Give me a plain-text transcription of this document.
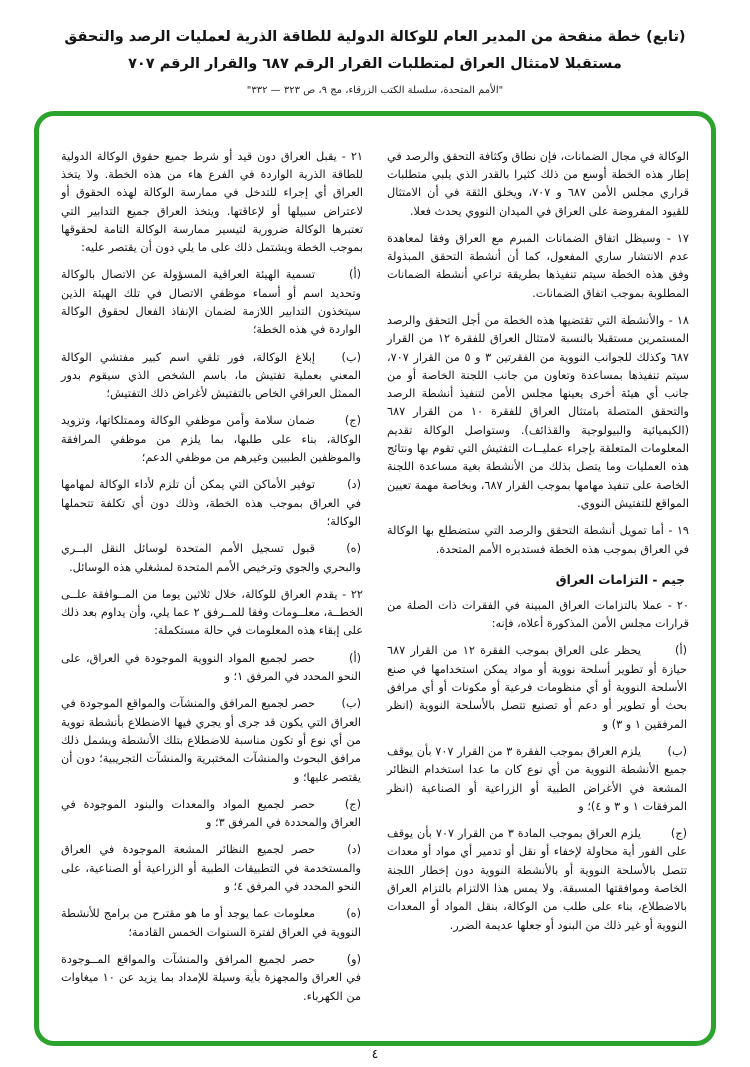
(تابع) خطة منقحة من المدير العام للوكالة الدولية للطاقة الذرية لعمليات الرصد والتحقق
مستقبلا لامتثال العراق لمتطلبات القرار الرقم ٦٨٧ والقرار الرقم ٧٠٧
"الأمم المتحدة، سلسلة الكتب الزرقاء، مج ٩، ص ٣٢٣ — ٣٣٢"

الوكالة في مجال الضمانات، فإن نطاق وكثافة التحقق والرصد في إطار هذه الخطة أوسع من ذلك كثيرا بالقدر الذي يلبي متطلبات قراري مجلس الأمن ٦٨٧ و ٧٠٧، ويخلق الثقة في أن الامتثال للقيود المفروضة على العراق في الميدان النووي يحدث فعلا.

١٧ - وسيظل اتفاق الضمانات المبرم مع العراق وفقا لمعاهدة عدم الانتشار ساري المفعول، كما أن أنشطة التحقق المبذولة وفق هذه الخطة سيتم تنفيذها بطريقة تراعي أنشطة الضمانات المطلوبة بموجب اتفاق الضمانات.

١٨ - والأنشطة التي تقتضيها هذه الخطة من أجل التحقق والرصد المستمرين مستقبلا بالنسبة لامتثال العراق للفقرة ١٢ من القرار ٦٨٧ وكذلك للجوانب النووية من الفقرتين ٣ و ٥ من القرار ٧٠٧، سيتم تنفيذها بمساعدة وتعاون من جانب اللجنة الخاصة أو من جانب أي هيئة أخرى يعينها مجلس الأمن لتنفيذ أنشطة الرصد والتحقق المتصلة بامتثال العراق للفقرة ١٠ من القرار ٦٨٧ (الكيميائية والبيولوجية والقذائف). وستواصل الوكالة تقديم المعلومات المتعلقة بإجراء عمليــات التفتيش التي تقوم بها ونتائج هذه العمليات وما يتصل بذلك من الأنشطة بغية مساعدة اللجنة الخاصة على تنفيذ مهامها بموجب القرار ٦٨٧، وبخاصة مهمة تعيين المواقع للتفتيش النووي.

١٩ - أما تمويل أنشطة التحقق والرصد التي ستضطلع بها الوكالة في العراق بموجب هذه الخطة فستدبره الأمم المتحدة.

جيم - التزامات العراق

٢٠ - عملا بالتزامات العراق المبينة في الفقرات ذات الصلة من قرارات مجلس الأمن المذكورة أعلاه، فإنه:

(أ)يحظر على العراق بموجب الفقرة ١٢ من القرار ٦٨٧ حيازة أو تطوير أسلحة نووية أو مواد يمكن استخدامها في صنع الأسلحة النووية أو أي منظومات فرعية أو مكونات أو أي مرافق بحث أو تطوير أو دعم أو تصنيع تتصل بالأسلحة النووية (انظر المرفقين ١ و ٣) و

(ب)يلزم العراق بموجب الفقرة ٣ من القرار ٧٠٧ بأن يوقف جميع الأنشطة النووية من أي نوع كان ما عدا استخدام النظائر المشعة في الأغراض الطبية أو الزراعية أو الصناعية (انظر المرفقات ١ و ٣ و ٤)؛ و

(ج)يلزم العراق بموجب المادة ٣ من القرار ٧٠٧ بأن يوقف على الفور أية محاولة لإخفاء أو نقل أو تدمير أي مواد أو معدات تتصل بالأسلحة النووية أو بالأنشطة النووية دون إخطار اللجنة الخاصة وموافقتها المسبقة. ولا يمس هذا الالتزام بالتزام العراق بالاضطلاع، بناء على طلب من الوكالة، بنقل المواد أو المعدات النووية أو غير ذلك من البنود أو جعلها عديمة الضرر.

٢١ - يقبل العراق دون قيد أو شرط جميع حقوق الوكالة الدولية للطاقة الذرية الواردة في الفرع هاء من هذه الخطة. ولا يتخذ العراق أي إجراء للتدخل في ممارسة الوكالة لهذه الحقوق أو لاعتراض سبيلها أو لإعاقتها. ويتخذ العراق جميع التدابير التي تعتبرها الوكالة ضرورية لتيسير ممارسة الوكالة التامة لحقوقها بموجب الخطة ويشتمل ذلك على ما يلي دون أن يقتصر عليه:

(أ)تسمية الهيئة العراقية المسؤولة عن الاتصال بالوكالة وتحديد اسم أو أسماء موظفي الاتصال في تلك الهيئة الذين سيتخذون التدابير اللازمة لضمان الإنفاذ الفعال لحقوق الوكالة الواردة في هذه الخطة؛

(ب)إبلاغ الوكالة، فور تلقي اسم كبير مفتشي الوكالة المعني بعملية تفتيش ما، باسم الشخص الذي سيقوم بدور الممثل العراقي الخاص بالتفتيش لأغراض ذلك التفتيش؛

(ج)ضمان سلامة وأمن موظفي الوكالة وممتلكاتها، وتزويد الوكالة، بناء على طلبها، بما يلزم من موظفي المرافقة والموظفين الطبيين وغيرهم من موظفي الدعم؛

(د)توفير الأماكن التي يمكن أن تلزم لأداء الوكالة لمهامها في العراق بموجب هذه الخطة، وذلك دون أي تكلفة تتحملها الوكالة؛

(ه)قبول تسجيل الأمم المتحدة لوسائل النقل البــري والبحري والجوي وترخيص الأمم المتحدة لمشغلي هذه الوسائل.

٢٢ - يقدم العراق للوكالة، خلال ثلاثين يوما من المــوافقة علــى الخطــة، معلــومات وفقا للمــرفق ٢ عما يلي، وأن يداوم بعد ذلك على إبقاء هذه المعلومات في حالة مستكملة:

(أ)حصر لجميع المواد النووية الموجودة في العراق، على النحو المحدد في المرفق ١؛ و

(ب)حصر لجميع المرافق والمنشآت والمواقع الموجودة في العراق التي يكون قد جرى أو يجري فيها الاضطلاع بأنشطة نووية من أي نوع أو تكون مناسبة للاضطلاع بتلك الأنشطة ويشمل ذلك مرافق البحوث والمنشآت المختبرية والمنشآت التجريبية؛ دون أن يقتصر عليها؛ و

(ج)حصر لجميع المواد والمعدات والبنود الموجودة في العراق والمحددة في المرفق ٣؛ و

(د)حصر لجميع النظائر المشعة الموجودة في العراق والمستخدمة في التطبيقات الطبية أو الزراعية أو الصناعية، على النحو المحدد في المرفق ٤؛ و

(ه)معلومات عما يوجد أو ما هو مقترح من برامج للأنشطة النووية في العراق لفترة السنوات الخمس القادمة؛

(و)حصر لجميع المرافق والمنشآت والمواقع المــوجودة في العراق والمجهزة بأية وسيلة للإمداد بما يزيد عن ١٠ ميغاوات من الكهرباء.

٤
